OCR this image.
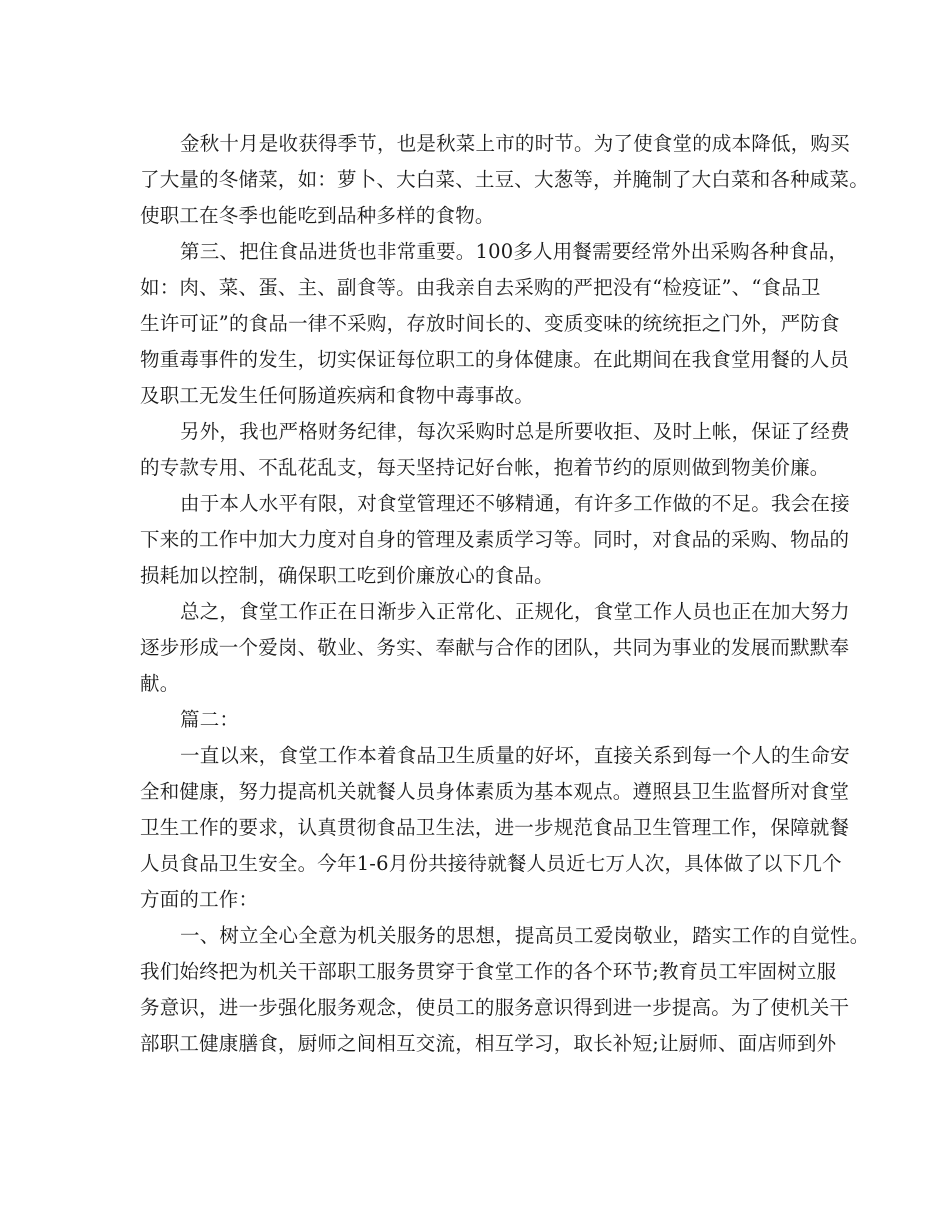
金秋十月是收获得季节，也是秋菜上市的时节。为了使食堂的成本降低，购买
了大量的冬储菜，如：萝卜、大白菜、土豆、大葱等，并腌制了大白菜和各种咸菜。
使职工在冬季也能吃到品种多样的食物。
第三、把住食品进货也非常重要。100多人用餐需要经常外出采购各种食品，
如：肉、菜、蛋、主、副食等。由我亲自去采购的严把没有“检疫证”、“食品卫
生许可证”的食品一律不采购，存放时间长的、变质变味的统统拒之门外，严防食
物重毒事件的发生，切实保证每位职工的身体健康。在此期间在我食堂用餐的人员
及职工无发生任何肠道疾病和食物中毒事故。
另外，我也严格财务纪律，每次采购时总是所要收拒、及时上帐，保证了经费
的专款专用、不乱花乱支，每天坚持记好台帐，抱着节约的原则做到物美价廉。
由于本人水平有限，对食堂管理还不够精通，有许多工作做的不足。我会在接
下来的工作中加大力度对自身的管理及素质学习等。同时，对食品的采购、物品的
损耗加以控制，确保职工吃到价廉放心的食品。
总之，食堂工作正在日渐步入正常化、正规化，食堂工作人员也正在加大努力
逐步形成一个爱岗、敬业、务实、奉献与合作的团队，共同为事业的发展而默默奉
献。
篇二：
一直以来，食堂工作本着食品卫生质量的好坏，直接关系到每一个人的生命安
全和健康，努力提高机关就餐人员身体素质为基本观点。遵照县卫生监督所对食堂
卫生工作的要求，认真贯彻食品卫生法，进一步规范食品卫生管理工作，保障就餐
人员食品卫生安全。今年1-6月份共接待就餐人员近七万人次，具体做了以下几个
方面的工作：
一、树立全心全意为机关服务的思想，提高员工爱岗敬业，踏实工作的自觉性。
我们始终把为机关干部职工服务贯穿于食堂工作的各个环节;教育员工牢固树立服
务意识，进一步强化服务观念，使员工的服务意识得到进一步提高。为了使机关干
部职工健康膳食，厨师之间相互交流，相互学习，取长补短;让厨师、面店师到外
